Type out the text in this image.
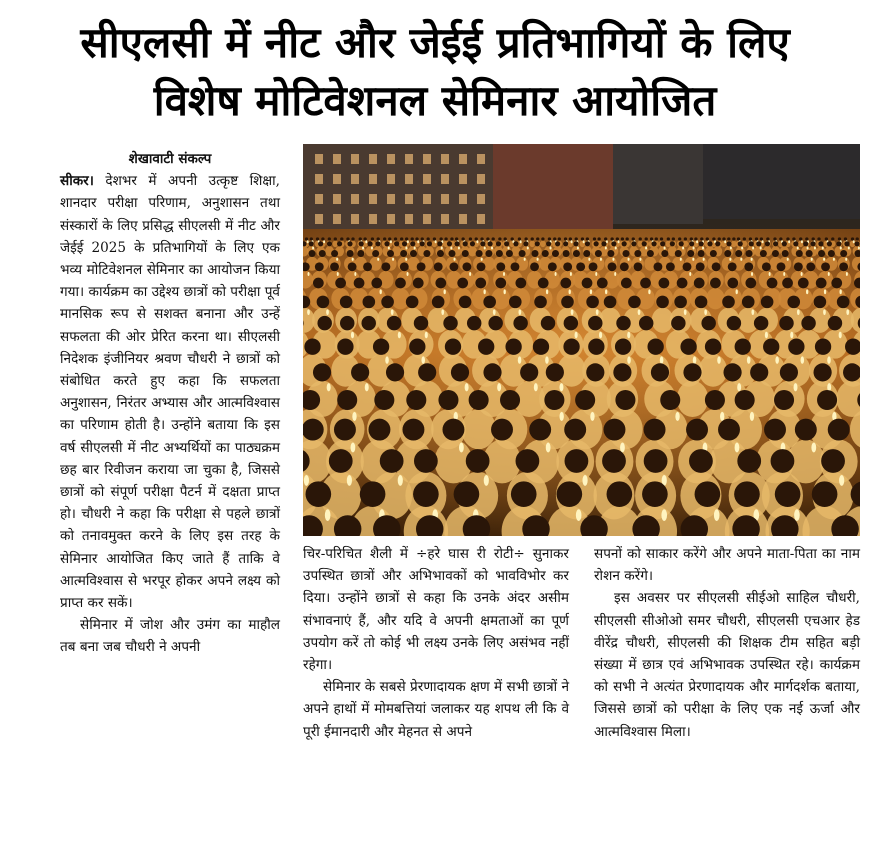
सीएलसी में नीट और जेईई प्रतिभागियों के लिए
विशेष मोटिवेशनल सेमिनार आयोजित

शेखावाटी संकल्प

सीकर। देशभर में अपनी उत्कृष्ट शिक्षा, शानदार परीक्षा परिणाम, अनुशासन तथा संस्कारों के लिए प्रसिद्ध सीएलसी में नीट और जेईई 2025 के प्रतिभागियों के लिए एक भव्य मोटिवेशनल सेमिनार का आयोजन किया गया। कार्यक्रम का उद्देश्य छात्रों को परीक्षा पूर्व मानसिक रूप से सशक्त बनाना और उन्हें सफलता की ओर प्रेरित करना था। सीएलसी निदेशक इंजीनियर श्रवण चौधरी ने छात्रों को संबोधित करते हुए कहा कि सफलता अनुशासन, निरंतर अभ्यास और आत्मविश्वास का परिणाम होती है। उन्होंने बताया कि इस वर्ष सीएलसी में नीट अभ्यर्थियों का पाठ्यक्रम छह बार रिवीजन कराया जा चुका है, जिससे छात्रों को संपूर्ण परीक्षा पैटर्न में दक्षता प्राप्त हो। चौधरी ने कहा कि परीक्षा से पहले छात्रों को तनावमुक्त करने के लिए इस तरह के सेमिनार आयोजित किए जाते हैं ताकि वे आत्मविश्वास से भरपूर होकर अपने लक्ष्य को प्राप्त कर सकें।

सेमिनार में जोश और उमंग का माहौल तब बना जब चौधरी ने अपनी

चिर-परिचित शैली में ÷हरे घास री रोटी÷ सुनाकर उपस्थित छात्रों और अभिभावकों को भावविभोर कर दिया। उन्होंने छात्रों से कहा कि उनके अंदर असीम संभावनाएं हैं, और यदि वे अपनी क्षमताओं का पूर्ण उपयोग करें तो कोई भी लक्ष्य उनके लिए असंभव नहीं रहेगा।

सेमिनार के सबसे प्रेरणादायक क्षण में सभी छात्रों ने अपने हाथों में मोमबत्तियां जलाकर यह शपथ ली कि वे पूरी ईमानदारी और मेहनत से अपने

सपनों को साकार करेंगे और अपने माता-पिता का नाम रोशन करेंगे।

इस अवसर पर सीएलसी सीईओ साहिल चौधरी, सीएलसी सीओओ समर चौधरी, सीएलसी एचआर हेड वीरेंद्र चौधरी, सीएलसी की शिक्षक टीम सहित बड़ी संख्या में छात्र एवं अभिभावक उपस्थित रहे। कार्यक्रम को सभी ने अत्यंत प्रेरणादायक और मार्गदर्शक बताया, जिससे छात्रों को परीक्षा के लिए एक नई ऊर्जा और आत्मविश्वास मिला।
